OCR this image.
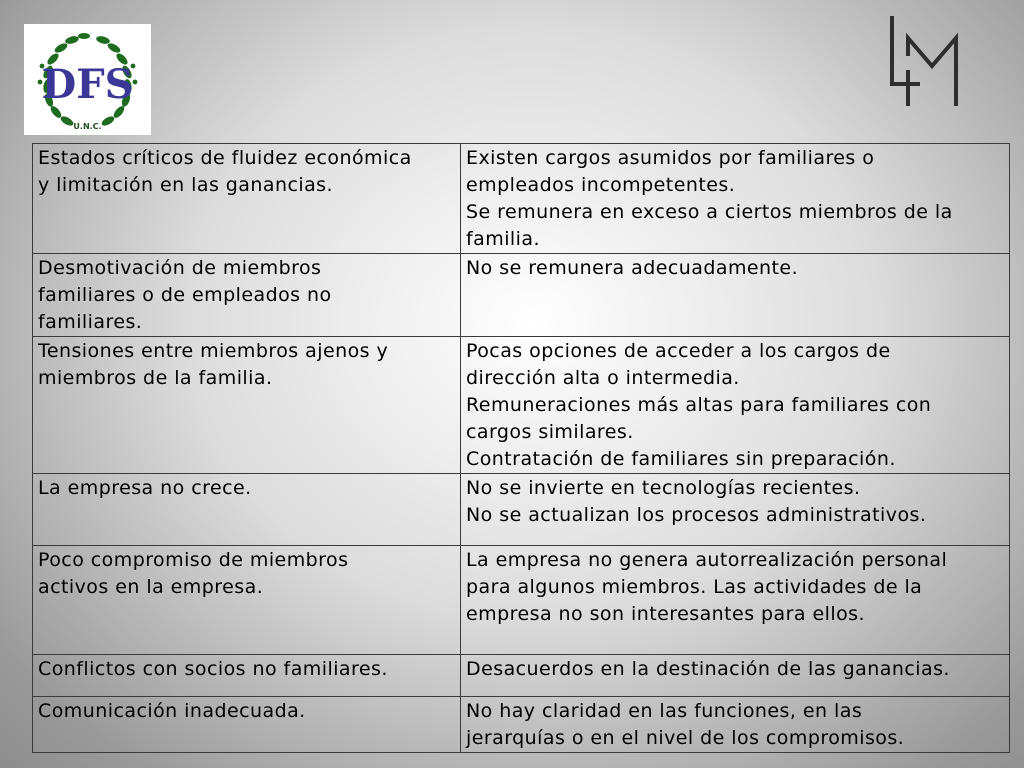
DFS
U.N.C.
Estados críticos de fluidez económica
y limitación en las ganancias.	Existen cargos asumidos por familiares o
empleados incompetentes.
Se remunera en exceso a ciertos miembros de la
familia.

Desmotivación de miembros
familiares o de empleados no
familiares.	No se remunera adecuadamente.

Tensiones entre miembros ajenos y
miembros de la familia.	Pocas opciones de acceder a los cargos de
dirección alta o intermedia.
Remuneraciones más altas para familiares con
cargos similares.
Contratación de familiares sin preparación.

La empresa no crece.	No se invierte en tecnologías recientes.
No se actualizan los procesos administrativos.

Poco compromiso de miembros
activos en la empresa.	La empresa no genera autorrealización personal
para algunos miembros. Las actividades de la
empresa no son interesantes para ellos.

Conflictos con socios no familiares.	Desacuerdos en la destinación de las ganancias.

Comunicación inadecuada.	No hay claridad en las funciones, en las
jerarquías o en el nivel de los compromisos.
